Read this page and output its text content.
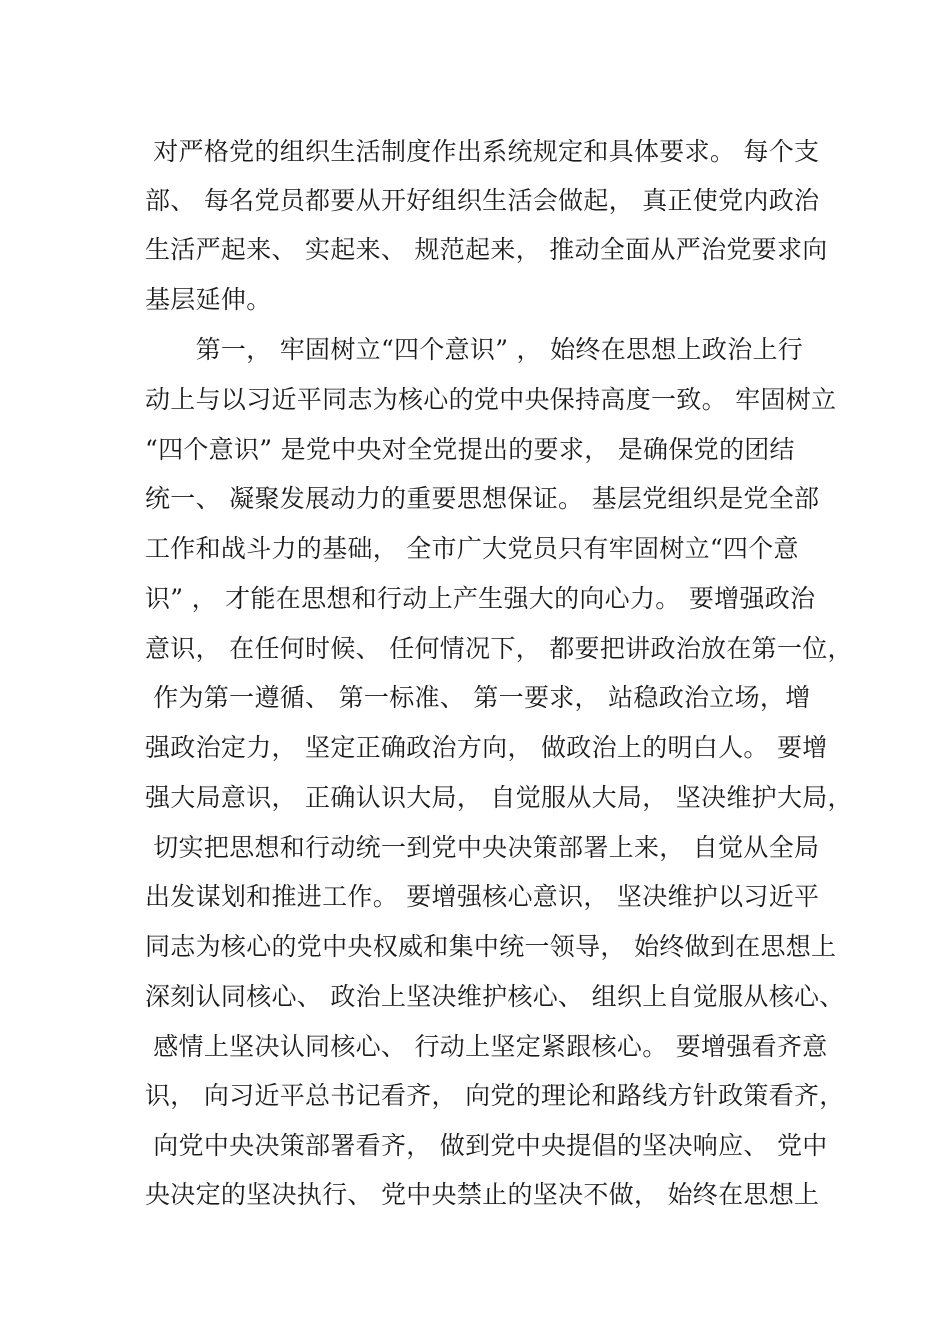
对严格党的组织生活制度作出系统规定和具体要求。 每个支
部、 每名党员都要从开好组织生活会做起， 真正使党内政治
生活严起来、 实起来、 规范起来， 推动全面从严治党要求向
基层延伸。
　　第一， 牢固树立“四个意识” ， 始终在思想上政治上行
动上与以习近平同志为核心的党中央保持高度一致。 牢固树立
“四个意识” 是党中央对全党提出的要求， 是确保党的团结
统一、 凝聚发展动力的重要思想保证。 基层党组织是党全部
工作和战斗力的基础， 全市广大党员只有牢固树立“四个意
识” ， 才能在思想和行动上产生强大的向心力。 要增强政治
意识， 在任何时候、 任何情况下， 都要把讲政治放在第一位，
作为第一遵循、 第一标准、 第一要求， 站稳政治立场，增
强政治定力， 坚定正确政治方向， 做政治上的明白人。 要增
强大局意识， 正确认识大局， 自觉服从大局， 坚决维护大局，
切实把思想和行动统一到党中央决策部署上来， 自觉从全局
出发谋划和推进工作。 要增强核心意识， 坚决维护以习近平
同志为核心的党中央权威和集中统一领导， 始终做到在思想上
深刻认同核心、 政治上坚决维护核心、 组织上自觉服从核心、
感情上坚决认同核心、 行动上坚定紧跟核心。 要增强看齐意
识， 向习近平总书记看齐， 向党的理论和路线方针政策看齐，
向党中央决策部署看齐， 做到党中央提倡的坚决响应、 党中
央决定的坚决执行、 党中央禁止的坚决不做， 始终在思想上
